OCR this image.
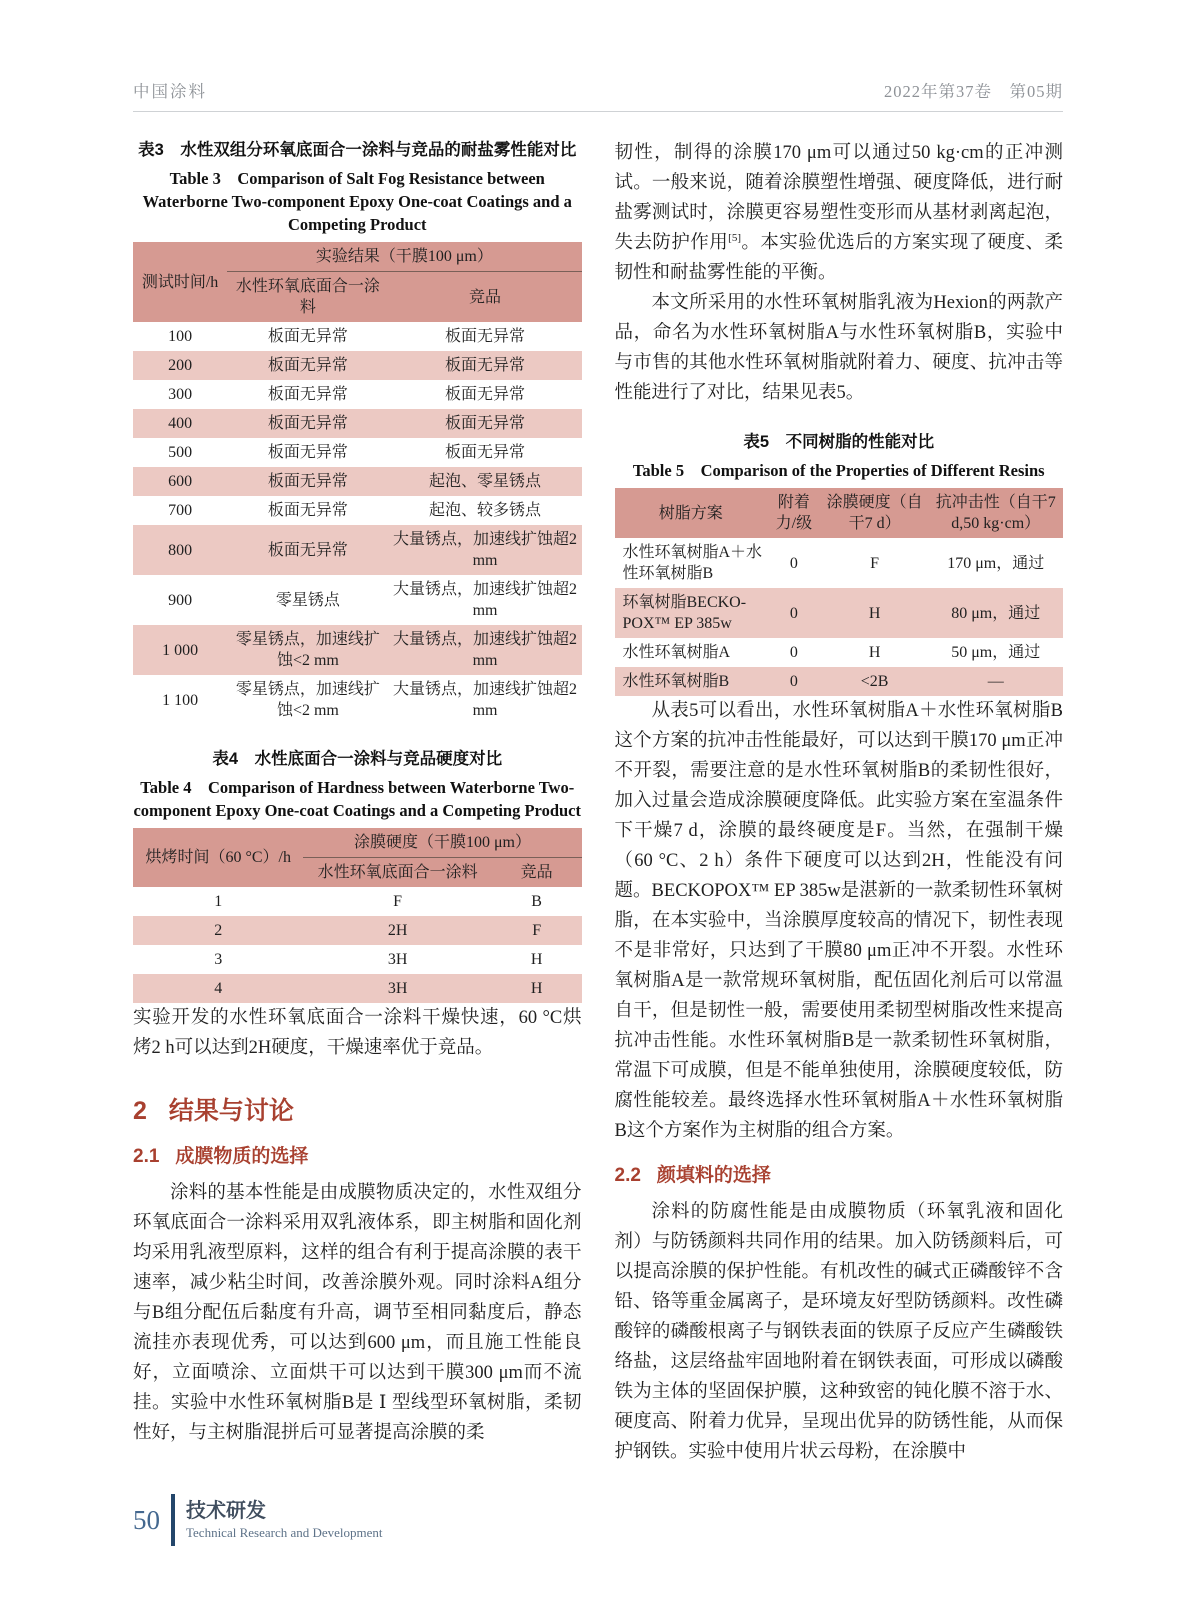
中国涂料	2022年第37卷　第05期

表3　水性双组分环氧底面合一涂料与竞品的耐盐雾性能对比

Table 3　Comparison of Salt Fog Resistance between Waterborne Two-component Epoxy One-coat Coatings and a Competing Product

测试时间/h	实验结果（干膜100 μm）	
	水性环氧底面合一涂料	竞品
100	板面无异常	板面无异常
200	板面无异常	板面无异常
300	板面无异常	板面无异常
400	板面无异常	板面无异常
500	板面无异常	板面无异常
600	板面无异常	起泡、零星锈点
700	板面无异常	起泡、较多锈点
800	板面无异常	大量锈点，加速线扩蚀超2 mm
900	零星锈点	大量锈点，加速线扩蚀超2 mm
1 000	零星锈点，加速线扩蚀<2 mm	大量锈点，加速线扩蚀超2 mm
1 100	零星锈点，加速线扩蚀<2 mm	大量锈点，加速线扩蚀超2 mm

表4　水性底面合一涂料与竞品硬度对比

Table 4　Comparison of Hardness between Waterborne Two-component Epoxy One-coat Coatings and a Competing Product

烘烤时间（60 °C）/h	涂膜硬度（干膜100 μm）	
	水性环氧底面合一涂料	竞品
1	F	B
2	2H	F
3	3H	H
4	3H	H

实验开发的水性环氧底面合一涂料干燥快速，60 °C烘烤2 h可以达到2H硬度，干燥速率优于竞品。

2 结果与讨论
2.1 成膜物质的选择

涂料的基本性能是由成膜物质决定的，水性双组分环氧底面合一涂料采用双乳液体系，即主树脂和固化剂均采用乳液型原料，这样的组合有利于提高涂膜的表干速率，减少粘尘时间，改善涂膜外观。同时涂料A组分与B组分配伍后黏度有升高，调节至相同黏度后，静态流挂亦表现优秀，可以达到600 μm，而且施工性能良好，立面喷涂、立面烘干可以达到干膜300 μm而不流挂。实验中水性环氧树脂B是 Ⅰ 型线型环氧树脂，柔韧性好，与主树脂混拼后可显著提高涂膜的柔

韧性，制得的涂膜170 μm可以通过50 kg·cm的正冲测试。一般来说，随着涂膜塑性增强、硬度降低，进行耐盐雾测试时，涂膜更容易塑性变形而从基材剥离起泡，失去防护作用[5]。本实验优选后的方案实现了硬度、柔韧性和耐盐雾性能的平衡。

本文所采用的水性环氧树脂乳液为Hexion的两款产品，命名为水性环氧树脂A与水性环氧树脂B，实验中与市售的其他水性环氧树脂就附着力、硬度、抗冲击等性能进行了对比，结果见表5。

表5　不同树脂的性能对比

Table 5　Comparison of the Properties of Different Resins

树脂方案	附着力/级	涂膜硬度（自干7 d）	抗冲击性（自干7 d,50 kg·cm）
水性环氧树脂A＋水性环氧树脂B	0	F	170 μm，通过
环氧树脂BECKO-POX™ EP 385w	0	H	80 μm，通过
水性环氧树脂A	0	H	50 μm，通过
水性环氧树脂B	0	<2B	—

从表5可以看出，水性环氧树脂A＋水性环氧树脂B这个方案的抗冲击性能最好，可以达到干膜170 μm正冲不开裂，需要注意的是水性环氧树脂B的柔韧性很好，加入过量会造成涂膜硬度降低。此实验方案在室温条件下干燥7 d，涂膜的最终硬度是F。当然，在强制干燥（60 °C、2 h）条件下硬度可以达到2H，性能没有问题。BECKOPOX™ EP 385w是湛新的一款柔韧性环氧树脂，在本实验中，当涂膜厚度较高的情况下，韧性表现不是非常好，只达到了干膜80 μm正冲不开裂。水性环氧树脂A是一款常规环氧树脂，配伍固化剂后可以常温自干，但是韧性一般，需要使用柔韧型树脂改性来提高抗冲击性能。水性环氧树脂B是一款柔韧性环氧树脂，常温下可成膜，但是不能单独使用，涂膜硬度较低，防腐性能较差。最终选择水性环氧树脂A＋水性环氧树脂B这个方案作为主树脂的组合方案。

2.2 颜填料的选择

涂料的防腐性能是由成膜物质（环氧乳液和固化剂）与防锈颜料共同作用的结果。加入防锈颜料后，可以提高涂膜的保护性能。有机改性的碱式正磷酸锌不含铅、铬等重金属离子，是环境友好型防锈颜料。改性磷酸锌的磷酸根离子与钢铁表面的铁原子反应产生磷酸铁络盐，这层络盐牢固地附着在钢铁表面，可形成以磷酸铁为主体的坚固保护膜，这种致密的钝化膜不溶于水、硬度高、附着力优异，呈现出优异的防锈性能，从而保护钢铁。实验中使用片状云母粉，在涂膜中

50 技术研发
Technical Research and Development
